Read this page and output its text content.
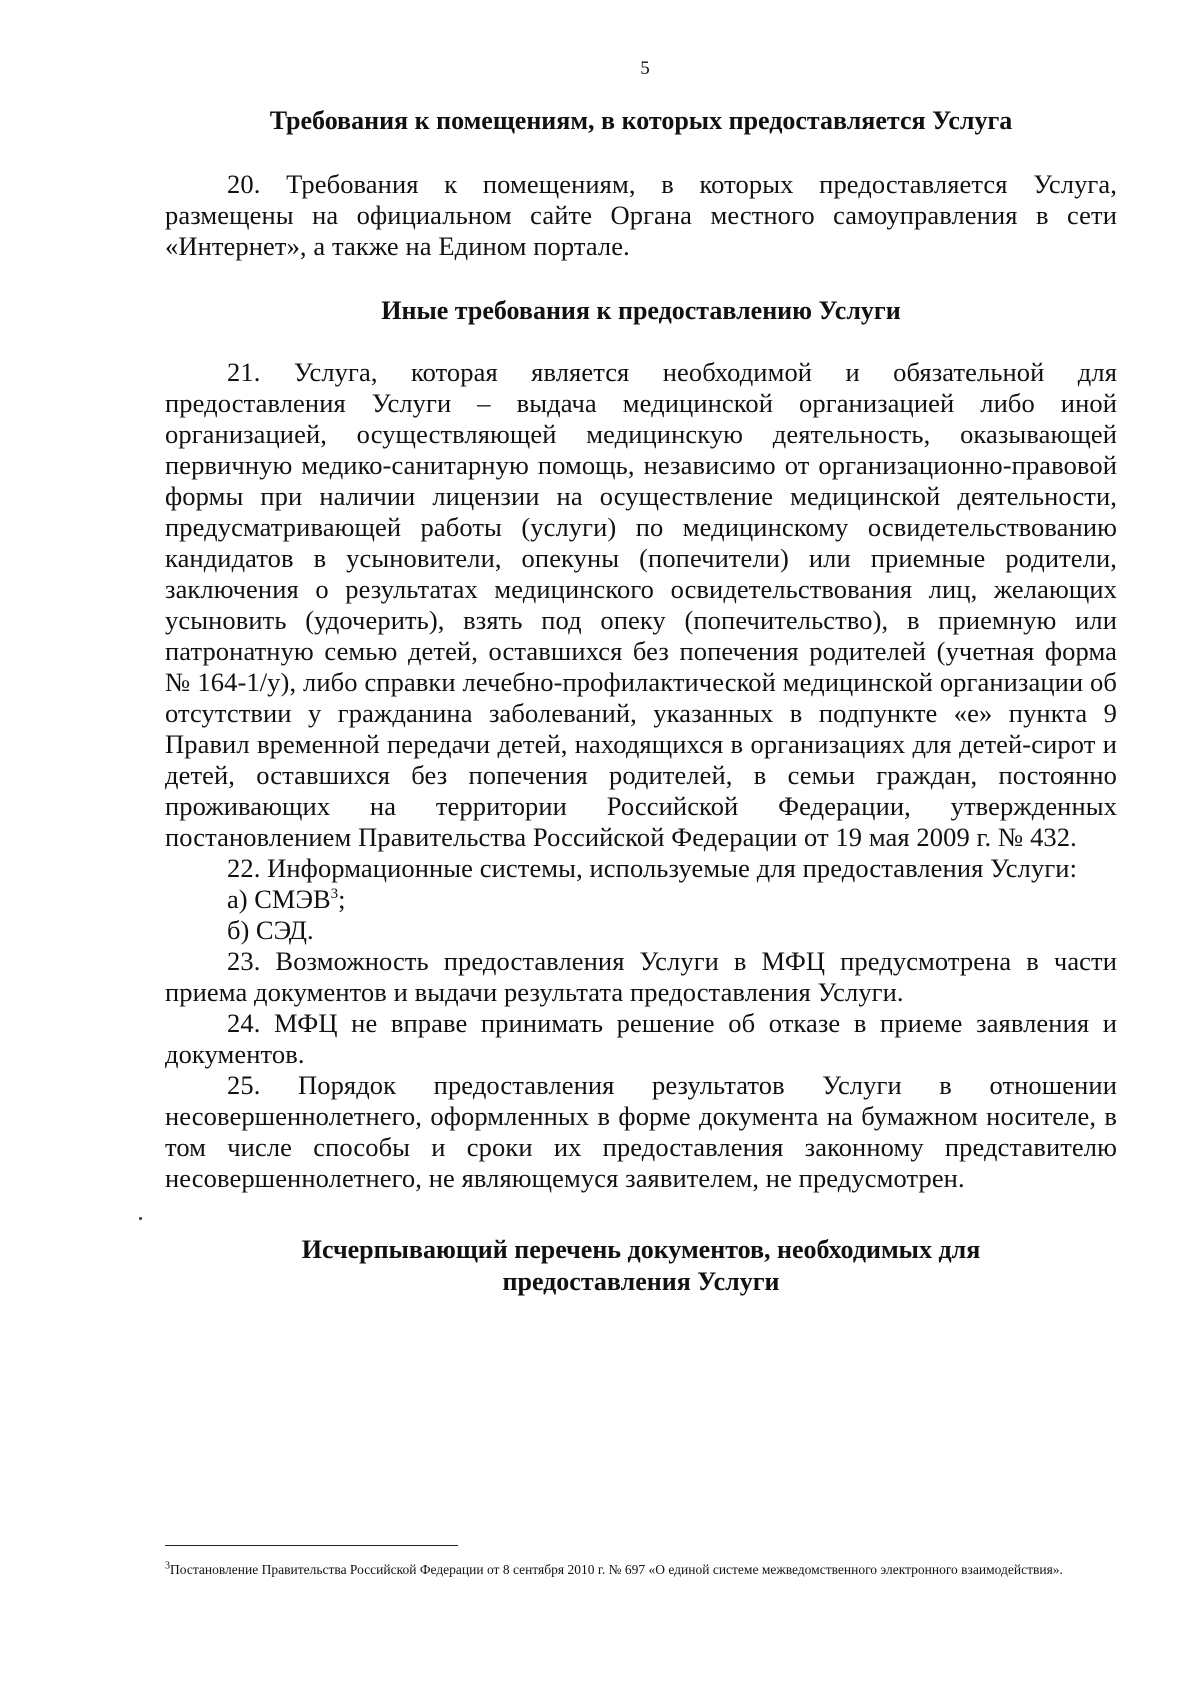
5
Требования к помещениям, в которых предоставляется Услуга

20. Требования к помещениям, в которых предоставляется Услуга, размещены на официальном сайте Органа местного самоуправления в сети «Интернет», а также на Едином портале.

Иные требования к предоставлению Услуги

21. Услуга, которая является необходимой и обязательной для предоставления Услуги – выдача медицинской организацией либо иной организацией, осуществляющей медицинскую деятельность, оказывающей первичную медико-санитарную помощь, независимо от организационно-правовой формы при наличии лицензии на осуществление медицинской деятельности, предусматривающей работы (услуги) по медицинскому освидетельствованию кандидатов в усыновители, опекуны (попечители) или приемные родители, заключения о результатах медицинского освидетельствования лиц, желающих усыновить (удочерить), взять под опеку (попечительство), в приемную или патронатную семью детей, оставшихся без попечения родителей (учетная форма № 164-1/у), либо справки лечебно-профилактической медицинской организации об отсутствии у гражданина заболеваний, указанных в подпункте «е» пункта 9 Правил временной передачи детей, находящихся в организациях для детей-сирот и детей, оставшихся без попечения родителей, в семьи граждан, постоянно проживающих на территории Российской Федерации, утвержденных постановлением Правительства Российской Федерации от 19 мая 2009 г. № 432.

22. Информационные системы, используемые для предоставления Услуги:

а) СМЭВ$^3$;

б) СЭД.

23. Возможность предоставления Услуги в МФЦ предусмотрена в части приема документов и выдачи результата предоставления Услуги.

24. МФЦ не вправе принимать решение об отказе в приеме заявления и документов.

25. Порядок предоставления результатов Услуги в отношении несовершеннолетнего, оформленных в форме документа на бумажном носителе, в том числе способы и сроки их предоставления законному представителю несовершеннолетнего, не являющемуся заявителем, не предусмотрен.

Исчерпывающий перечень документов, необходимых для
предоставления Услуги
$^3$Постановление Правительства Российской Федерации от 8 сентября 2010 г. № 697 «О единой системе межведомственного электронного взаимодействия».
